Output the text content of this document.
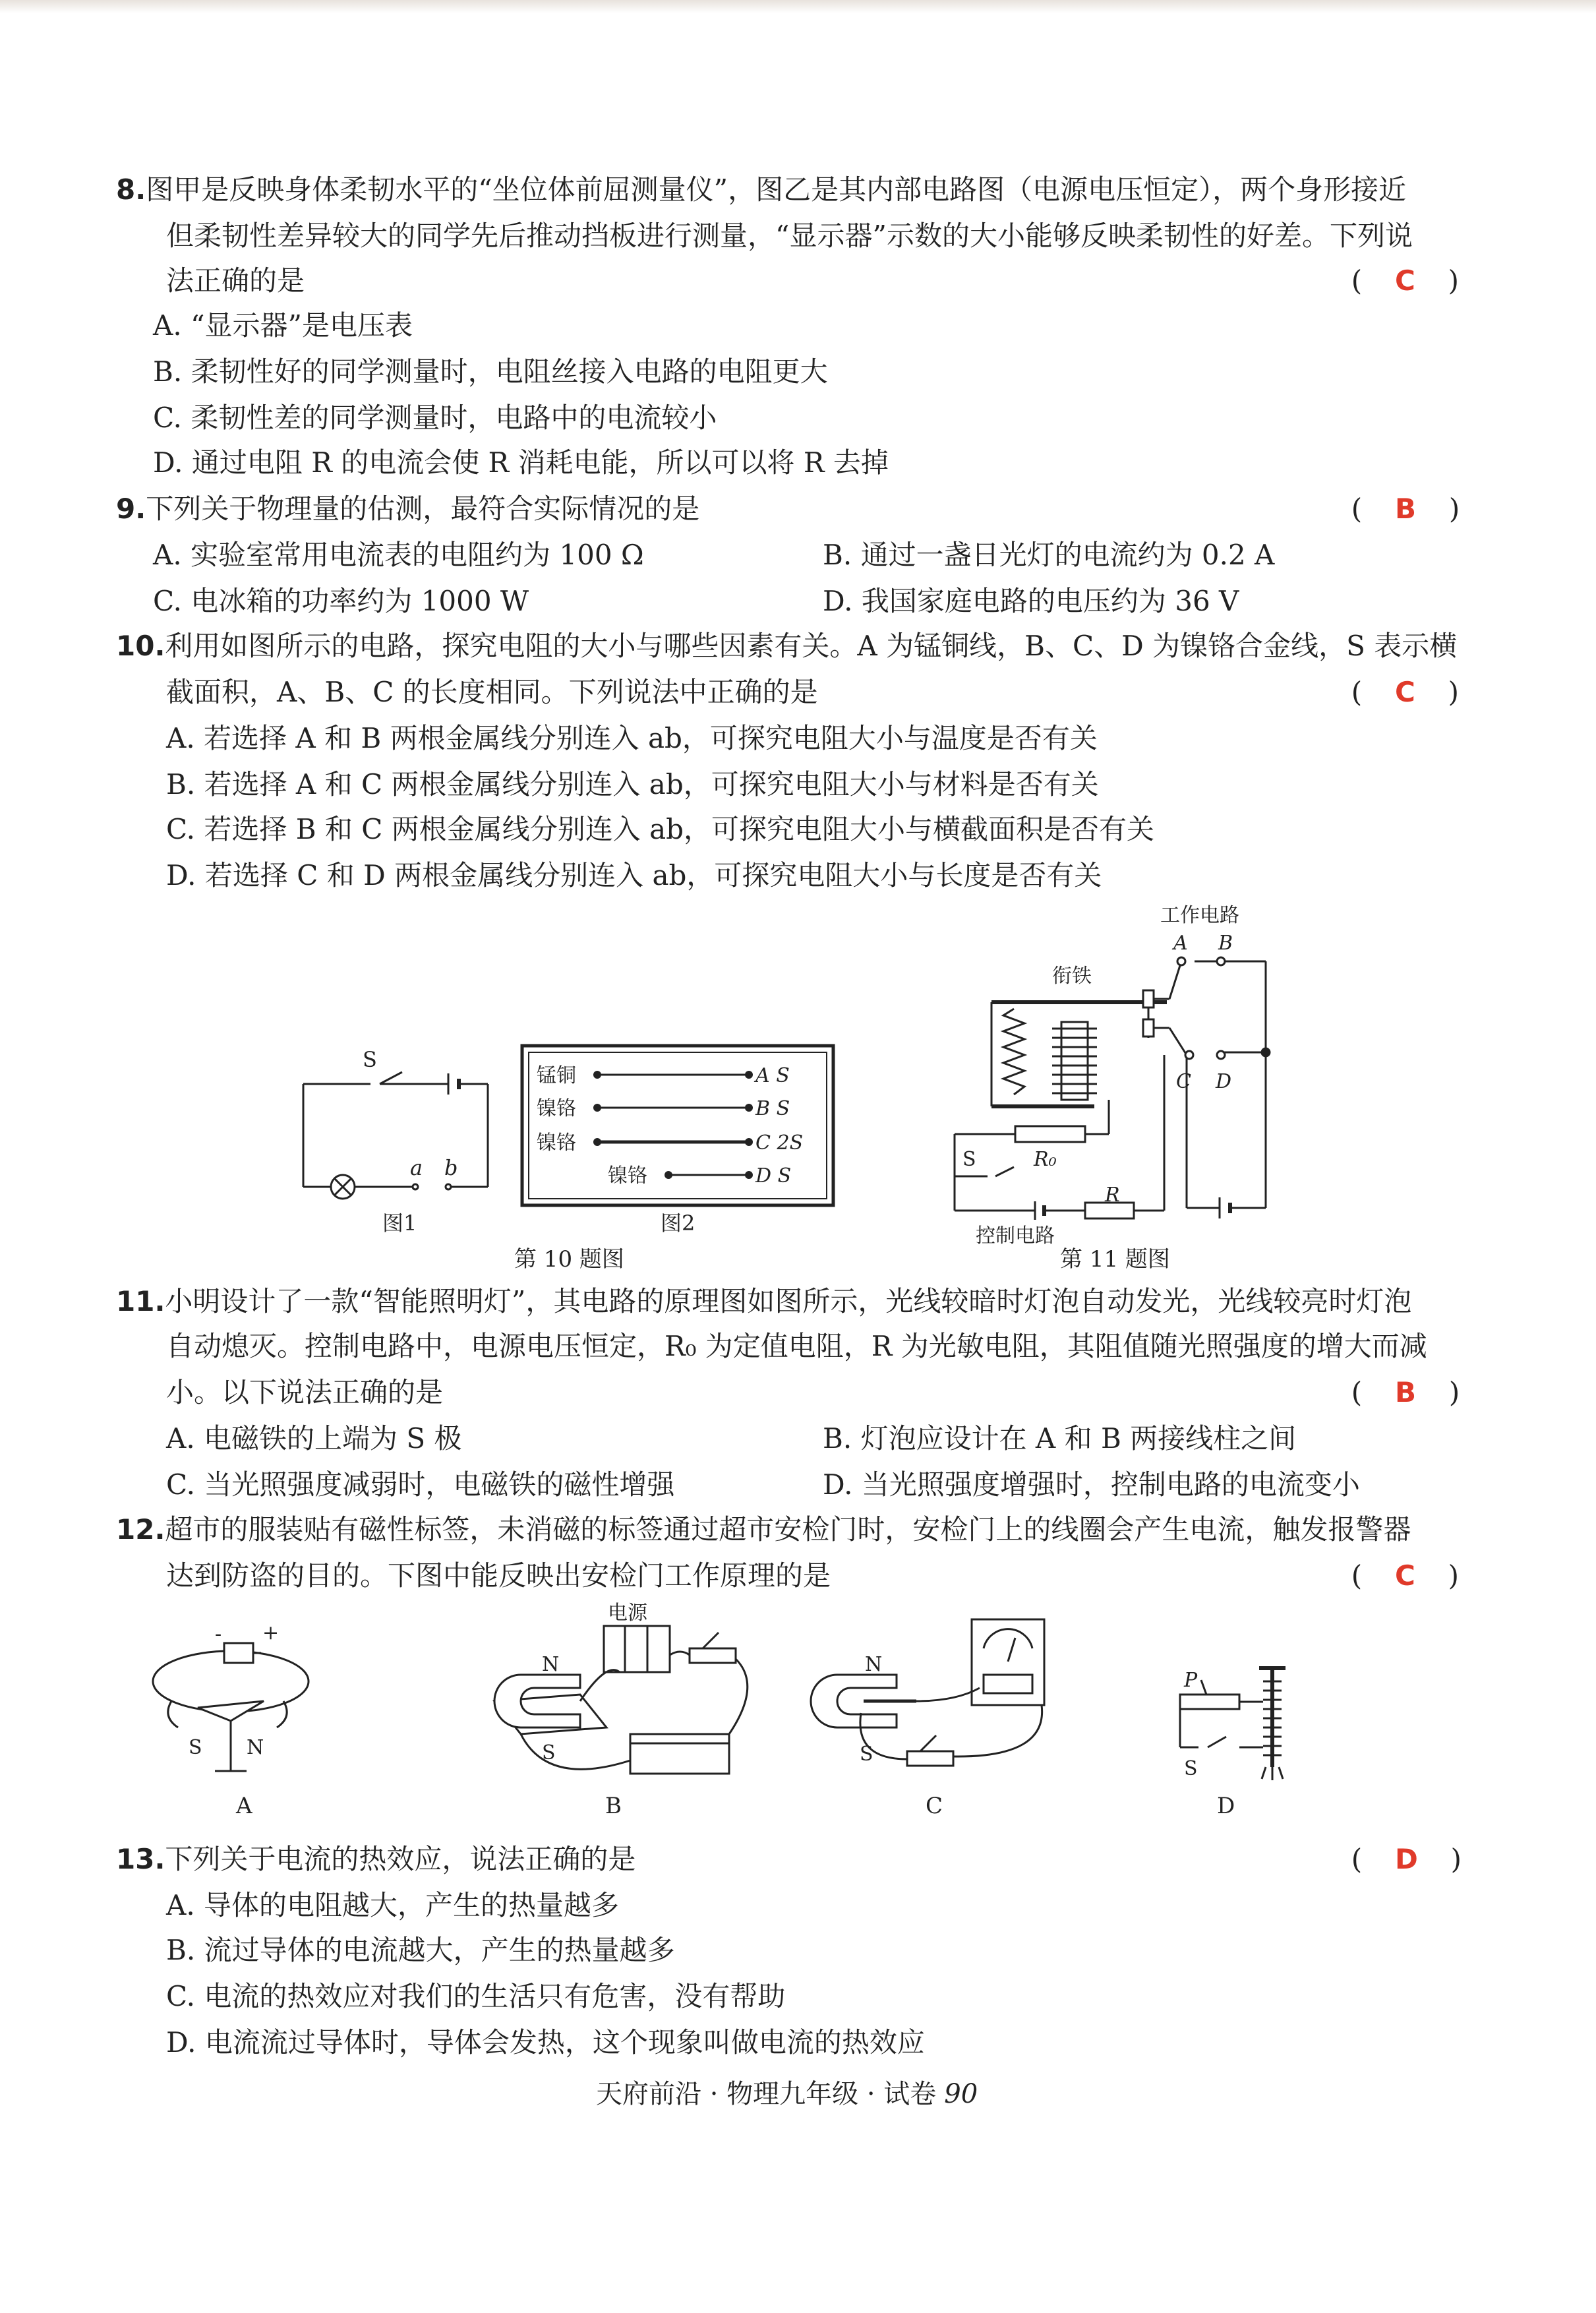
8.图甲是反映身体柔韧水平的“坐位体前屈测量仪”，图乙是其内部电路图（电源电压恒定），两个身形接近
但柔韧性差异较大的同学先后推动挡板进行测量，“显示器”示数的大小能够反映柔韧性的好差。下列说
法正确的是	( C )
A. “显示器”是电压表
B. 柔韧性好的同学测量时，电阻丝接入电路的电阻更大
C. 柔韧性差的同学测量时，电路中的电流较小
D. 通过电阻 R 的电流会使 R 消耗电能，所以可以将 R 去掉
9.下列关于物理量的估测，最符合实际情况的是	( B )
A. 实验室常用电流表的电阻约为 100 Ω	B. 通过一盏日光灯的电流约为 0.2 A
C. 电冰箱的功率约为 1000 W	D. 我国家庭电路的电压约为 36 V
10.利用如图所示的电路，探究电阻的大小与哪些因素有关。A 为锰铜线，B、C、D 为镍铬合金线，S 表示横
截面积，A、B、C 的长度相同。下列说法中正确的是	( C )
A. 若选择 A 和 B 两根金属线分别连入 ab，可探究电阻大小与温度是否有关
B. 若选择 A 和 C 两根金属线分别连入 ab，可探究电阻大小与材料是否有关
C. 若选择 B 和 C 两根金属线分别连入 ab，可探究电阻大小与横截面积是否有关
D. 若选择 C 和 D 两根金属线分别连入 ab，可探究电阻大小与长度是否有关
S
a b
图1
锰铜
镍铬
镍铬
镍铬
A S
B S
C 2S
D S
图2
第 10 题图
工作电路
A B
衔铁
C D
S	R₀
R
控制电路
第 11 题图
11.小明设计了一款“智能照明灯”，其电路的原理图如图所示，光线较暗时灯泡自动发光，光线较亮时灯泡
自动熄灭。控制电路中，电源电压恒定，R₀ 为定值电阻，R 为光敏电阻，其阻值随光照强度的增大而减
小。以下说法正确的是	( B )
A. 电磁铁的上端为 S 极	B. 灯泡应设计在 A 和 B 两接线柱之间
C. 当光照强度减弱时，电磁铁的磁性增强	D. 当光照强度增强时，控制电路的电流变小
12.超市的服装贴有磁性标签，未消磁的标签通过超市安检门时，安检门上的线圈会产生电流，触发报警器
达到防盗的目的。下图中能反映出安检门工作原理的是	( C )
- +
S N
A
电源
N
S
B
N
S
C
P
S
D
13.下列关于电流的热效应，说法正确的是	( D )
A. 导体的电阻越大，产生的热量越多
B. 流过导体的电流越大，产生的热量越多
C. 电流的热效应对我们的生活只有危害，没有帮助
D. 电流流过导体时，导体会发热，这个现象叫做电流的热效应
天府前沿 · 物理九年级 · 试卷 90
